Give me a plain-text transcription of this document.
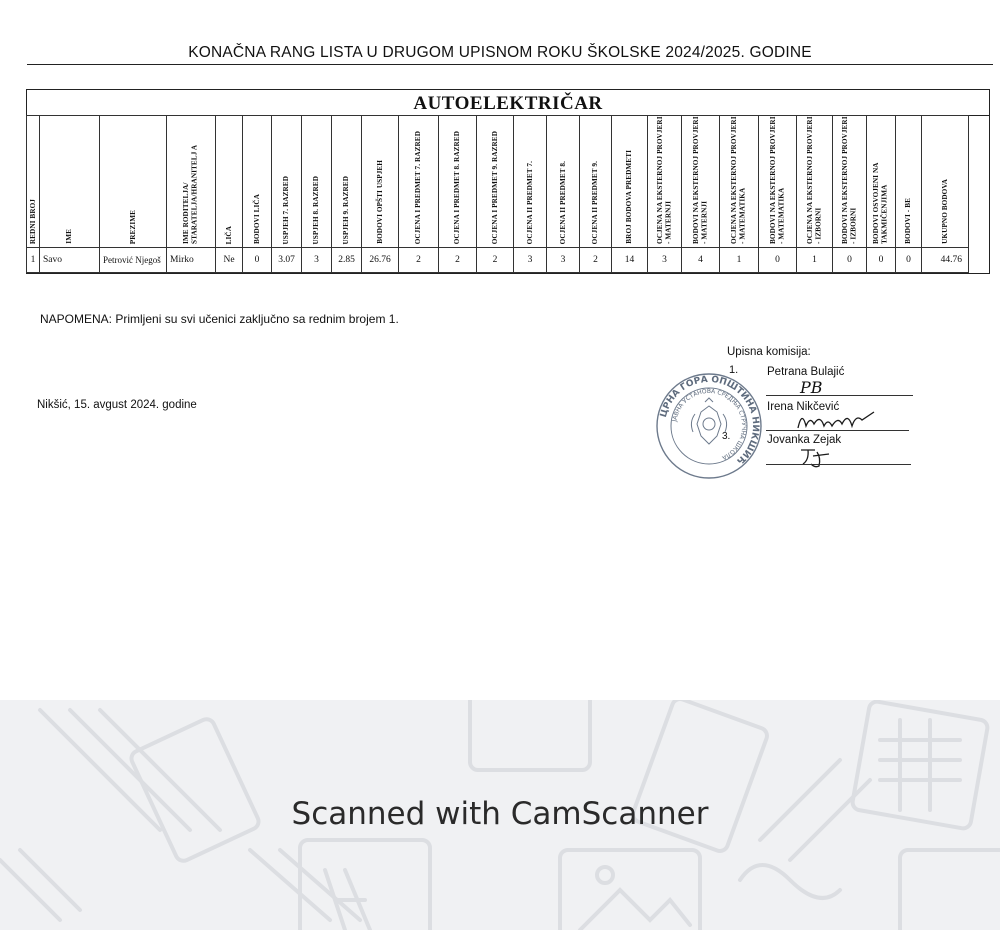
KONAČNA RANG LISTA U DRUGOM UPISNOM ROKU ŠKOLSKE 2024/2025. GODINE
AUTOELEKTRIČAR
REDNI BROJ	IME	PREZIME	IME RODITELJA/ STARATELJA/HRANITELJ A	LIČA	BODOVI LIČA	USPJEH 7. RAZRED	USPJEH 8. RAZRED	USPJEH 9. RAZRED	BODOVI OPŠTI USPJEH	OCJENA I PREDMET 7. RAZRED	OCJENA I PREDMET 8. RAZRED	OCJENA I PREDMET 9. RAZRED	OCJENA II PREDMET 7.	OCJENA II PREDMET 8.	OCJENA II PREDMET 9.	BROJ BODOVA PREDMETI	OCJENA NA EKSTERNOJ PROVJERI - MATERNJI	BODOVI NA EKSTERNOJ PROVJERI - MATERNJI	OCJENA NA EKSTERNOJ PROVJERI - MATEMATIKA	BODOVI NA EKSTERNOJ PROVJERI - MATEMATIKA	OCJENA NA EKSTERNOJ PROVJERI - IZBORNI	BODOVI NA EKSTERNOJ PROVJERI - IZBORNI	BODOVI OSVOJENI NA TAKMIČENJIMA	BODOVI - BE	UKUPNO BODOVA

1	Savo	Petrović Njegoš	Mirko	Ne	0	3.07	3	2.85	26.76	2	2	2	3	3	2	14	3	4	1	0	1	0	0	0	44.76
NAPOMENA: Primljeni su svi učenici zaključno sa rednim brojem 1.
Nikšić, 15. avgust 2024. godine
Upisna komisija:
1.	Petrana Bulajić
PB
Irena Nikčević
3.	Jovanka Zejak
ЦРНА ГОРА ОПШТИНА НИКШИЋ
ЈАВНА УСТАНОВА СРЕДЊА СТРУЧНА ШКОЛА
Scanned with CamScanner
